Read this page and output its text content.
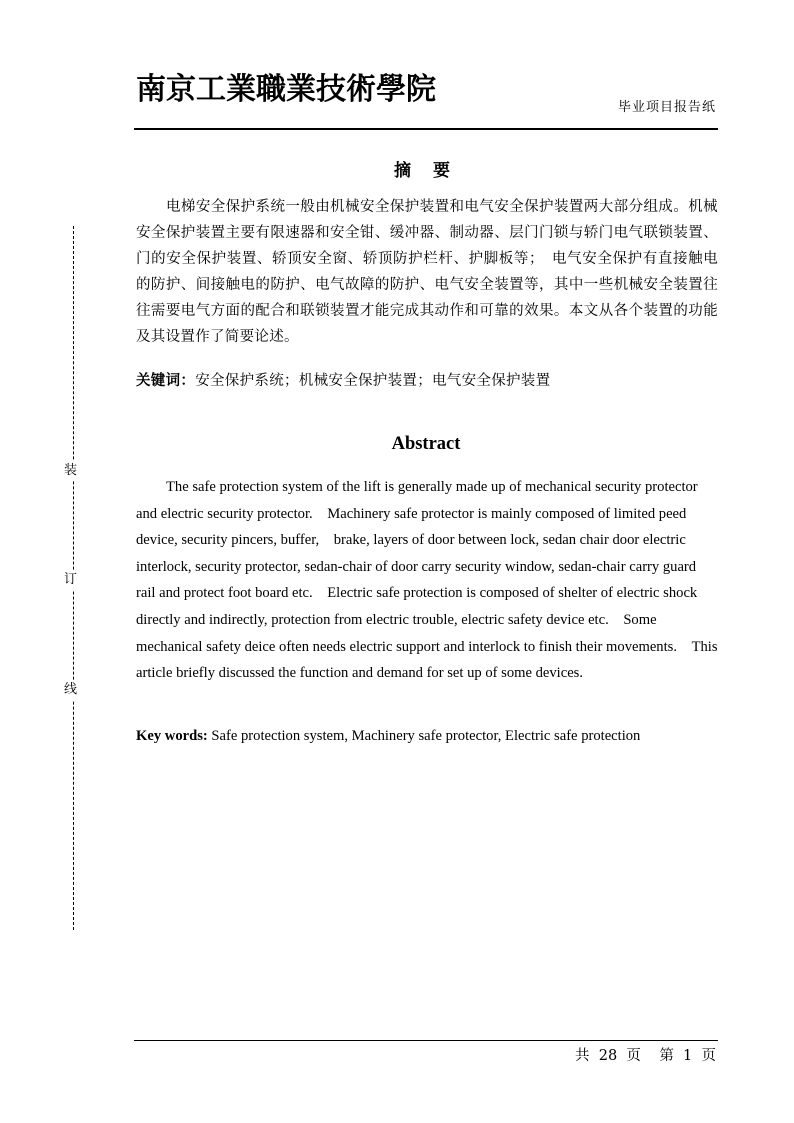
南京工業職業技術學院
毕业项目报告纸
摘 要
电梯安全保护系统一般由机械安全保护装置和电气安全保护装置两大部分组成。机械安全保护装置主要有限速器和安全钳、缓冲器、制动器、层门门锁与轿门电气联锁装置、门的安全保护装置、轿顶安全窗、轿顶防护栏杆、护脚板等；　电气安全保护有直接触电的防护、间接触电的防护、电气故障的防护、电气安全装置等，其中一些机械安全装置往往需要电气方面的配合和联锁装置才能完成其动作和可靠的效果。本文从各个装置的功能及其设置作了简要论述。
关键词：安全保护系统；机械安全保护装置；电气安全保护装置
Abstract
The safe protection system of the lift is generally made up of mechanical security protector and electric security protector.　Machinery safe protector is mainly composed of limited peed device, security pincers, buffer,　brake, layers of door between lock, sedan chair door electric interlock, security protector, sedan-chair of door carry security window, sedan-chair carry guard rail and protect foot board etc.　Electric safe protection is composed of shelter of electric shock directly and indirectly, protection from electric trouble, electric safety device etc.　Some mechanical safety deice often needs electric support and interlock to finish their movements.　This article briefly discussed the function and demand for set up of some devices.
Key words: Safe protection system, Machinery safe protector, Electric safe protection
装
订
线
共 28 页 第 1 页
